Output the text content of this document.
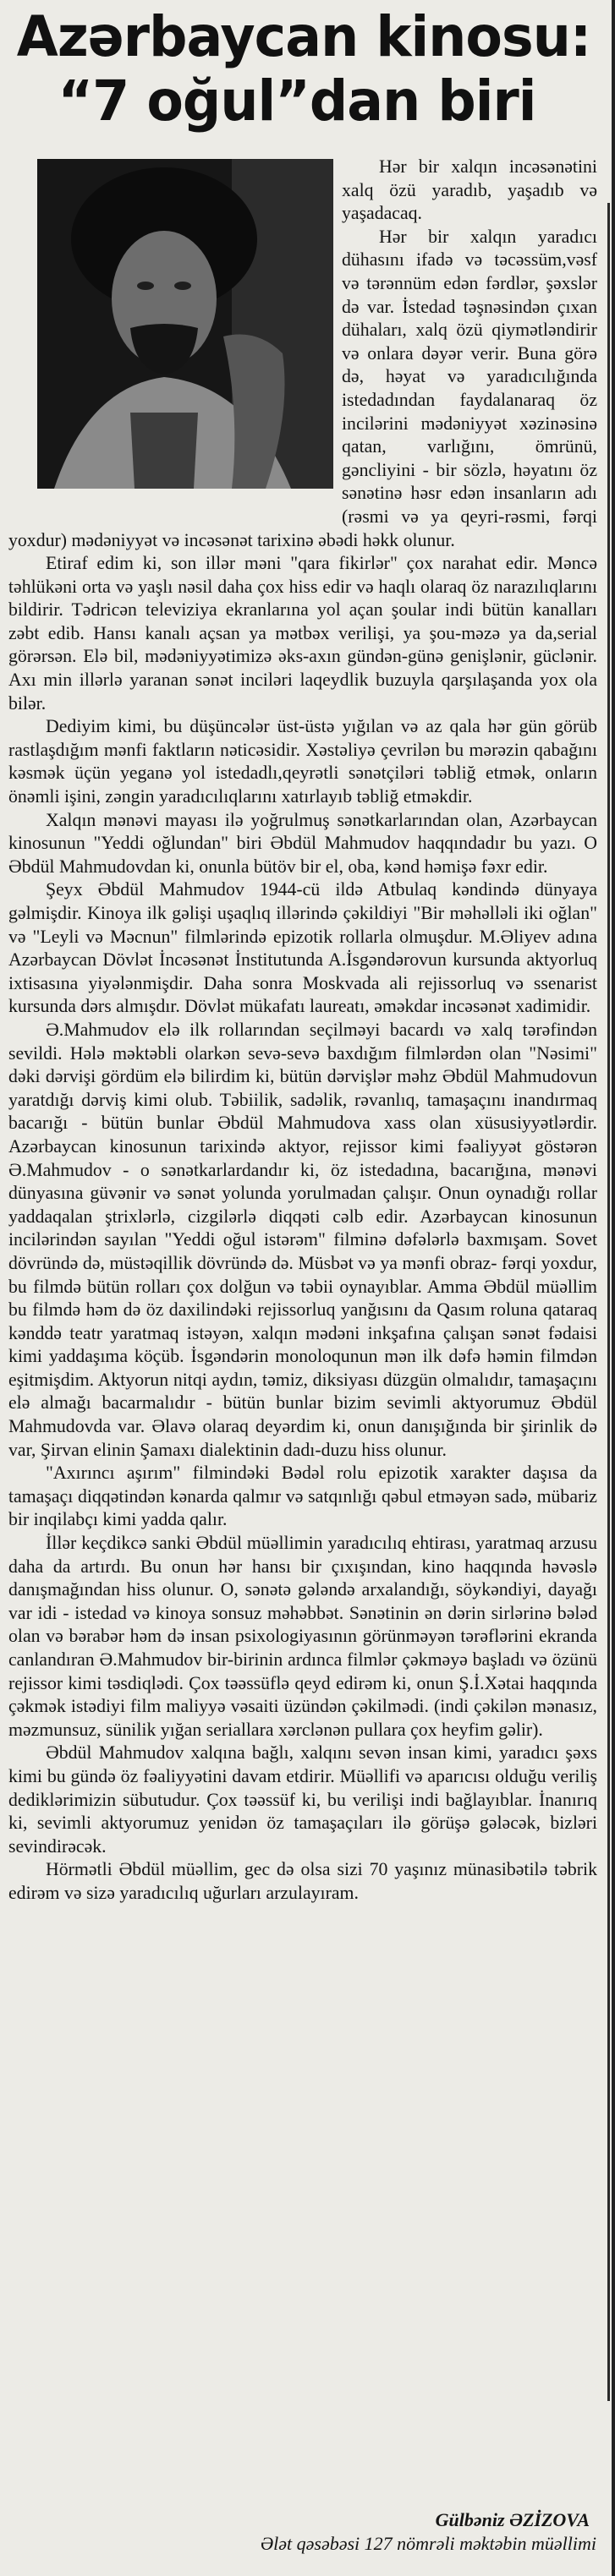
Azərbaycan kinosu:
“7 oğul”dan biri

Hər bir xalqın incəsənətini xalq özü yaradıb, yaşadıb və yaşadacaq.

Hər bir xalqın yaradıcı dühasını ifadə və təcəssüm,vəsf və tərənnüm edən fərdlər, şəxslər də var. İstedad təşnəsindən çıxan dühaları, xalq özü qiymətləndirir və onlara dəyər verir. Buna görə də, həyat və yaradıcılığında istedadından faydalanaraq öz incilərini mədəniyyət xəzinəsinə qatan, varlığını, ömrünü, gəncliyini - bir sözlə, həyatını öz sənətinə həsr edən insanların adı (rəsmi və ya qeyri-rəsmi, fərqi yoxdur) mədəniyyət və incəsənət tarixinə əbədi həkk olunur.

Etiraf edim ki, son illər məni "qara fikirlər" çox narahat edir. Məncə təhlükəni orta və yaşlı nəsil daha çox hiss edir və haqlı olaraq öz narazılıqlarını bildirir. Tədricən televiziya ekranlarına yol açan şoular indi bütün kanalları zəbt edib. Hansı kanalı açsan ya mətbəx verilişi, ya şou-məzə ya da,serial görərsən. Elə bil, mədəniyyətimizə əks-axın gündən-günə genişlənir, güclənir. Axı min illərlə yaranan sənət inciləri laqeydlik buzuyla qarşılaşanda yox ola bilər.

Dediyim kimi, bu düşüncələr üst-üstə yığılan və az qala hər gün görüb rastlaşdığım mənfi faktların nəticəsidir. Xəstəliyə çevrilən bu mərəzin qabağını kəsmək üçün yeganə yol istedadlı,qeyrətli sənətçiləri təbliğ etmək, onların önəmli işini, zəngin yaradıcılıqlarını xatırlayıb təbliğ etməkdir.

Xalqın mənəvi mayası ilə yoğrulmuş sənətkarlarından olan, Azərbaycan kinosunun "Yeddi oğlundan" biri Əbdül Mahmudov haqqındadır bu yazı. O Əbdül Mahmudovdan ki, onunla bütöv bir el, oba, kənd həmişə fəxr edir.

Şeyx Əbdül Mahmudov 1944-cü ildə Atbulaq kəndində dünyaya gəlmişdir. Kinoya ilk gəlişi uşaqlıq illərində çəkildiyi "Bir məhəlləli iki oğlan" və "Leyli və Məcnun" filmlərində epizotik rollarla olmuşdur. M.Əliyev adına Azərbaycan Dövlət İncəsənət İnstitutunda A.İsgəndərovun kursunda aktyorluq ixtisasına yiyələnmişdir. Daha sonra Moskvada ali rejissorluq və ssenarist kursunda dərs almışdır. Dövlət mükafatı laureatı, əməkdar incəsənət xadimidir.

Ə.Mahmudov elə ilk rollarından seçilməyi bacardı və xalq tərəfindən sevildi. Hələ məktəbli olarkən sevə-sevə baxdığım filmlərdən olan "Nəsimi" dəki dərvişi gördüm elə bilirdim ki, bütün dərvişlər məhz Əbdül Mahmudovun yaratdığı dərviş kimi olub. Təbiilik, sadəlik, rəvanlıq, tamaşaçını inandırmaq bacarığı - bütün bunlar Əbdül Mahmudova xass olan xüsusiyyətlərdir. Azərbaycan kinosunun tarixində aktyor, rejissor kimi fəaliyyət göstərən Ə.Mahmudov - o sənətkarlardandır ki, öz istedadına, bacarığına, mənəvi dünyasına güvənir və sənət yolunda yorulmadan çalışır. Onun oynadığı rollar yaddaqalan ştrixlərlə, cizgilərlə diqqəti cəlb edir. Azərbaycan kinosunun incilərindən sayılan "Yeddi oğul istərəm" filminə dəfələrlə baxmışam. Sovet dövründə də, müstəqillik dövründə də. Müsbət və ya mənfi obraz- fərqi yoxdur, bu filmdə bütün rolları çox dolğun və təbii oynayıblar. Amma Əbdül müəllim bu filmdə həm də öz daxilindəki rejissorluq yanğısını da Qasım roluna qataraq kənddə teatr yaratmaq istəyən, xalqın mədəni inkşafına çalışan sənət fədaisi kimi yaddaşıma köçüb. İsgəndərin monoloqunun mən ilk dəfə həmin filmdən eşitmişdim. Aktyorun nitqi aydın, təmiz, diksiyası düzgün olmalıdır, tamaşaçını elə almağı bacarmalıdır - bütün bunlar bizim sevimli aktyorumuz Əbdül Mahmudovda var. Əlavə olaraq deyərdim ki, onun danışığında bir şirinlik də var, Şirvan elinin Şamaxı dialektinin dadı-duzu hiss olunur.

"Axırıncı aşırım" filmindəki Bədəl rolu epizotik xarakter daşısa da tamaşaçı diqqətindən kənarda qalmır və satqınlığı qəbul etməyən sadə, mübariz bir inqilabçı kimi yadda qalır.

İllər keçdikcə sanki Əbdül müəllimin yaradıcılıq ehtirası, yaratmaq arzusu daha da artırdı. Bu onun hər hansı bir çıxışından, kino haqqında həvəslə danışmağından hiss olunur. O, sənətə gələndə arxalandığı, söykəndiyi, dayağı var idi - istedad və kinoya sonsuz məhəbbət. Sənətinin ən dərin sirlərinə bələd olan və bərabər həm də insan psixologiyasının görünməyən tərəflərini ekranda canlandıran Ə.Mahmudov bir-birinin ardınca filmlər çəkməyə başladı və özünü rejissor kimi təsdiqlədi. Çox təəssüflə qeyd edirəm ki, onun Ş.İ.Xətai haqqında çəkmək istədiyi film maliyyə vəsaiti üzündən çəkilmədi. (indi çəkilən mənasız, məzmunsuz, sünilik yığan seriallara xərclənən pullara çox heyfim gəlir).

Əbdül Mahmudov xalqına bağlı, xalqını sevən insan kimi, yaradıcı şəxs kimi bu gündə öz fəaliyyətini davam etdirir. Müəllifi və aparıcısı olduğu veriliş dediklərimizin sübutudur. Çox təəssüf ki, bu verilişi indi bağlayıblar. İnanırıq ki, sevimli aktyorumuz yenidən öz tamaşaçıları ilə görüşə gələcək, bizləri sevindirəcək.

Hörmətli Əbdül müəllim, gec də olsa sizi 70 yaşınız münasibətilə təbrik edirəm və sizə yaradıcılıq uğurları arzulayıram.

Gülbəniz ƏZİZOVA
Ələt qəsəbəsi 127 nömrəli məktəbin müəllimi
